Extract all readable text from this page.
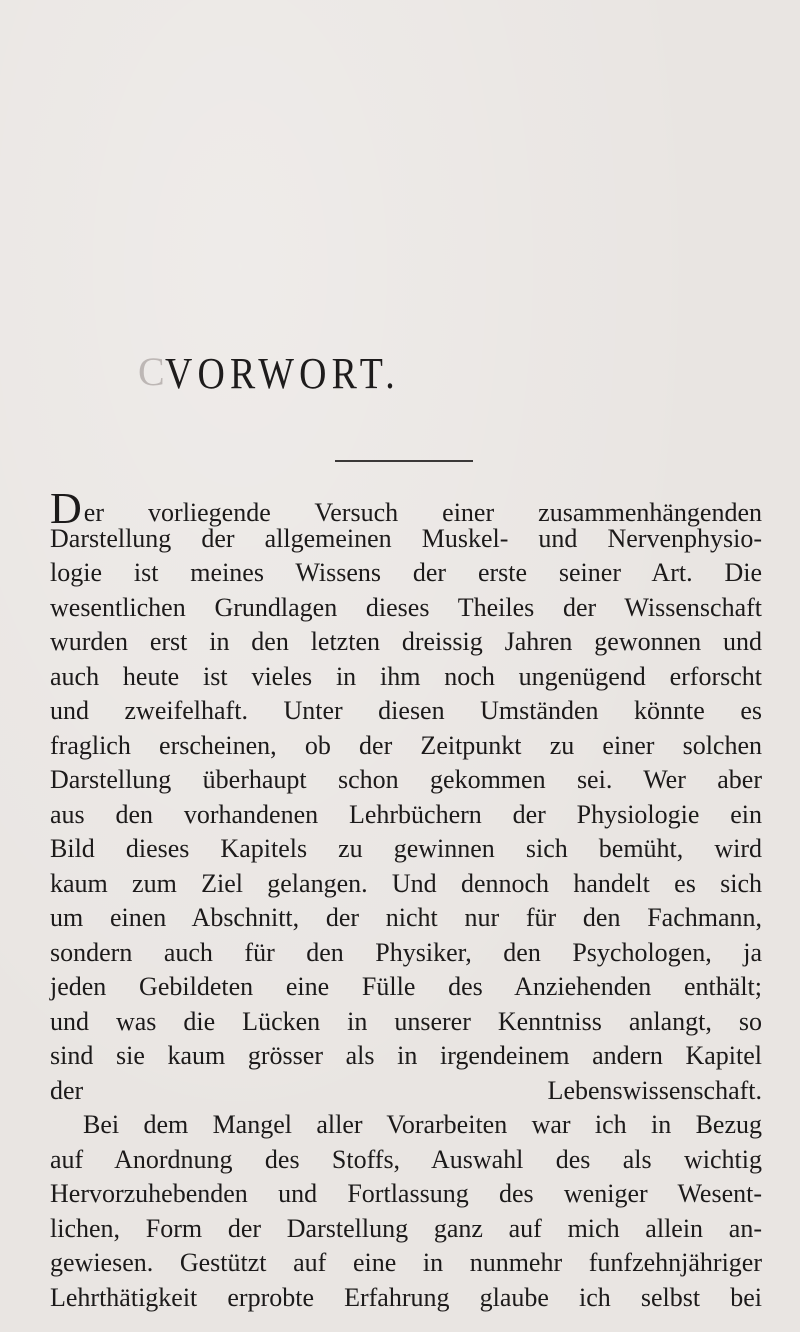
C VORWORT.
Der vorliegende Versuch einer zusammenhängenden
Darstellung der allgemeinen Muskel- und Nervenphysio-
logie ist meines Wissens der erste seiner Art. Die
wesentlichen Grundlagen dieses Theiles der Wissenschaft
wurden erst in den letzten dreissig Jahren gewonnen und
auch heute ist vieles in ihm noch ungenügend erforscht
und zweifelhaft. Unter diesen Umständen könnte es
fraglich erscheinen, ob der Zeitpunkt zu einer solchen
Darstellung überhaupt schon gekommen sei. Wer aber
aus den vorhandenen Lehrbüchern der Physiologie ein
Bild dieses Kapitels zu gewinnen sich bemüht, wird
kaum zum Ziel gelangen. Und dennoch handelt es sich
um einen Abschnitt, der nicht nur für den Fachmann,
sondern auch für den Physiker, den Psychologen, ja
jeden Gebildeten eine Fülle des Anziehenden enthält;
und was die Lücken in unserer Kenntniss anlangt, so
sind sie kaum grösser als in irgendeinem andern Kapitel
der Lebenswissenschaft.
Bei dem Mangel aller Vorarbeiten war ich in Bezug
auf Anordnung des Stoffs, Auswahl des als wichtig
Hervorzuhebenden und Fortlassung des weniger Wesent-
lichen, Form der Darstellung ganz auf mich allein an-
gewiesen. Gestützt auf eine in nunmehr funfzehnjähriger
Lehrthätigkeit erprobte Erfahrung glaube ich selbst bei
